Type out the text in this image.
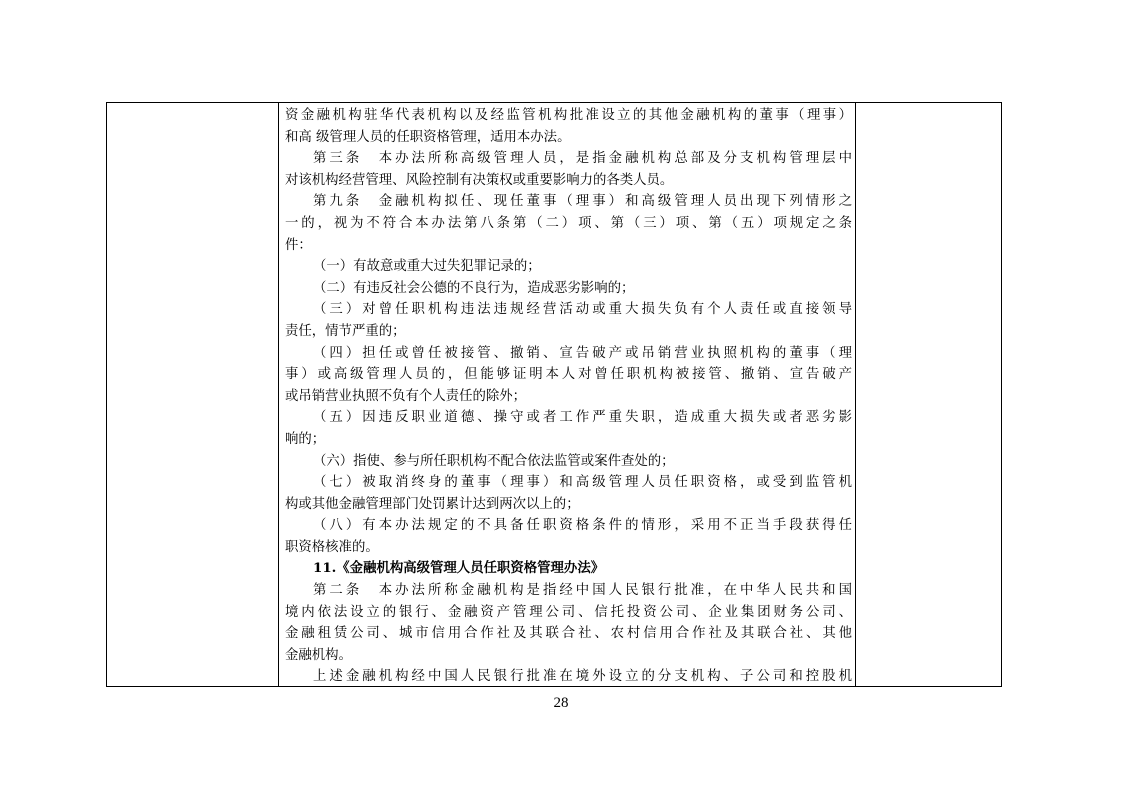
资金融机构驻华代表机构以及经监管机构批准设立的其他金融机构的董事（理事）
和高 级管理人员的任职资格管理，适用本办法。
第三条　本办法所称高级管理人员，是指金融机构总部及分支机构管理层中
对该机构经营管理、风险控制有决策权或重要影响力的各类人员。
第九条　金融机构拟任、现任董事（理事）和高级管理人员出现下列情形之
一的，视为不符合本办法第八条第（二）项、第（三）项、第（五）项规定之条
件：
（一）有故意或重大过失犯罪记录的；
（二）有违反社会公德的不良行为，造成恶劣影响的；
（三）对曾任职机构违法违规经营活动或重大损失负有个人责任或直接领导
责任，情节严重的；
（四）担任或曾任被接管、撤销、宣告破产或吊销营业执照机构的董事（理
事）或高级管理人员的，但能够证明本人对曾任职机构被接管、撤销、宣告破产
或吊销营业执照不负有个人责任的除外；
（五）因违反职业道德、操守或者工作严重失职，造成重大损失或者恶劣影
响的；
（六）指使、参与所任职机构不配合依法监管或案件查处的；
（七）被取消终身的董事（理事）和高级管理人员任职资格，或受到监管机
构或其他金融管理部门处罚累计达到两次以上的；
（八）有本办法规定的不具备任职资格条件的情形，采用不正当手段获得任
职资格核准的。
11.《金融机构高级管理人员任职资格管理办法》
第二条　本办法所称金融机构是指经中国人民银行批准，在中华人民共和国
境内依法设立的银行、金融资产管理公司、信托投资公司、企业集团财务公司、
金融租赁公司、城市信用合作社及其联合社、农村信用合作社及其联合社、其他
金融机构。
上述金融机构经中国人民银行批准在境外设立的分支机构、子公司和控股机
28
